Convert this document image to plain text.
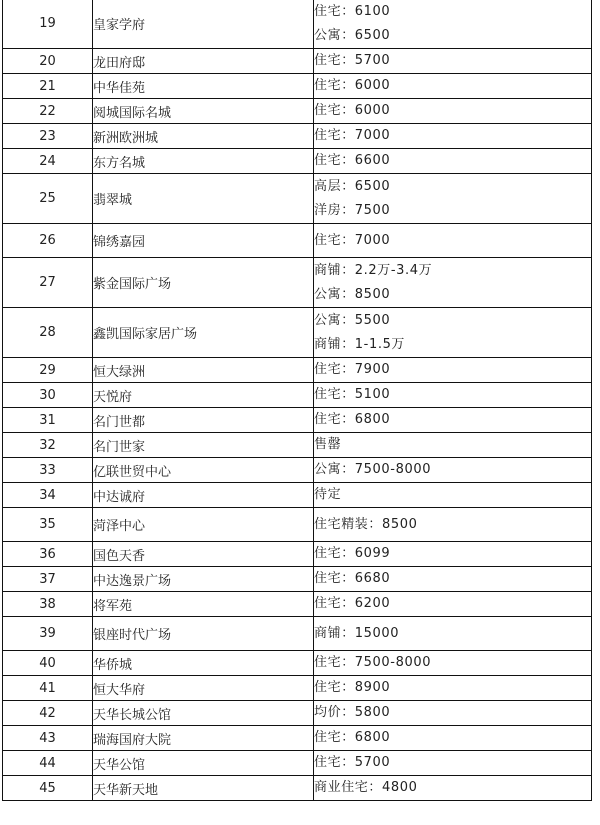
19	皇家学府	住宅：6100
公寓：6500

20	龙田府邸	住宅：5700

21	中华佳苑	住宅：6000

22	阅城国际名城	住宅：6000

23	新洲欧洲城	住宅：7000

24	东方名城	住宅：6600

25	翡翠城	高层：6500
洋房：7500

26	锦绣嘉园	住宅：7000

27	紫金国际广场	商铺：2.2万-3.4万
公寓：8500

28	鑫凯国际家居广场	公寓：5500
商铺：1-1.5万

29	恒大绿洲	住宅：7900

30	天悦府	住宅：5100

31	名门世都	住宅：6800

32	名门世家	售罄

33	亿联世贸中心	公寓：7500-8000

34	中达诚府	待定

35	菏泽中心	住宅精装：8500

36	国色天香	住宅：6099

37	中达逸景广场	住宅：6680

38	将军苑	住宅：6200

39	银座时代广场	商铺：15000

40	华侨城	住宅：7500-8000

41	恒大华府	住宅：8900

42	天华长城公馆	均价：5800

43	瑞海国府大院	住宅：6800

44	天华公馆	住宅：5700

45	天华新天地	商业住宅：4800
